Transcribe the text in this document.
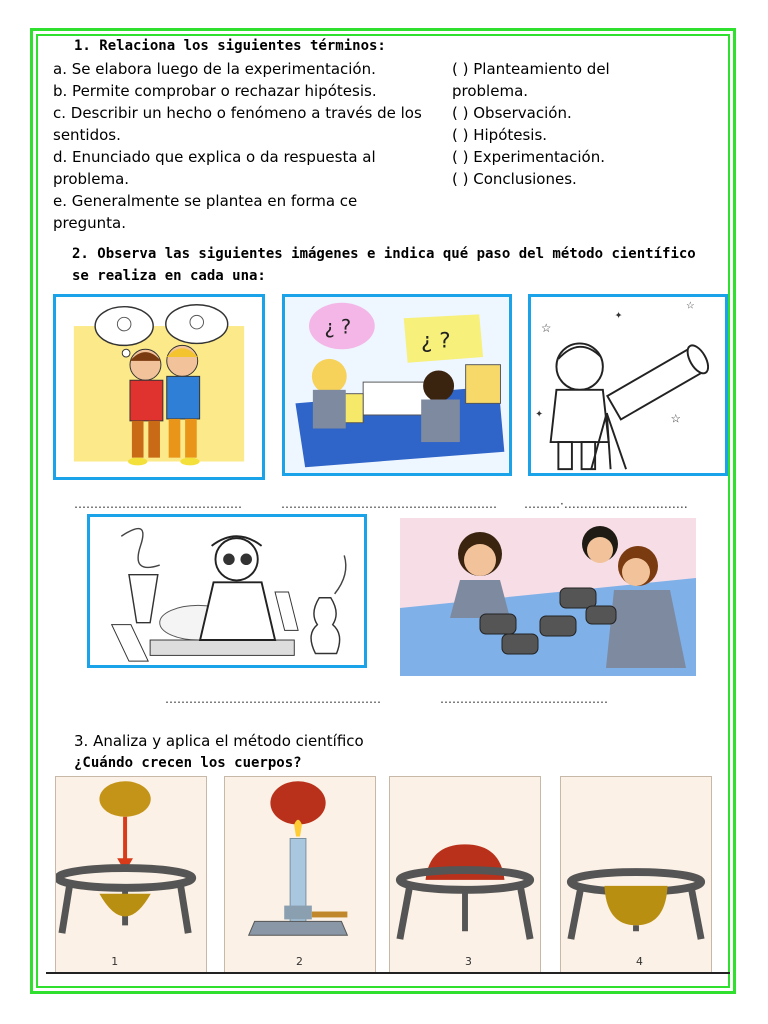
1. Relaciona los siguientes términos:
a. Se elabora luego de la experimentación.
b. Permite comprobar o rechazar hipótesis.
c. Describir un hecho o fenómeno a través de los
sentidos.
d. Enunciado que explica o da respuesta al
problema.
e. Generalmente se plantea en forma ce
pregunta.
( ) Planteamiento del
problema.
( ) Observación.
( ) Hipótesis.
( ) Experimentación.
( ) Conclusiones.
2. Observa las siguientes imágenes e indica qué paso del método científico
se realiza en cada una:
¿ ?
¿ ?
☆
✦
☆
☆
✦
……………………………………	……………………………………………… ………·………………………….
………………………………………………	……………………………………
3. Analiza y aplica el método científico
¿Cuándo crecen los cuerpos?
1	2	3	4
